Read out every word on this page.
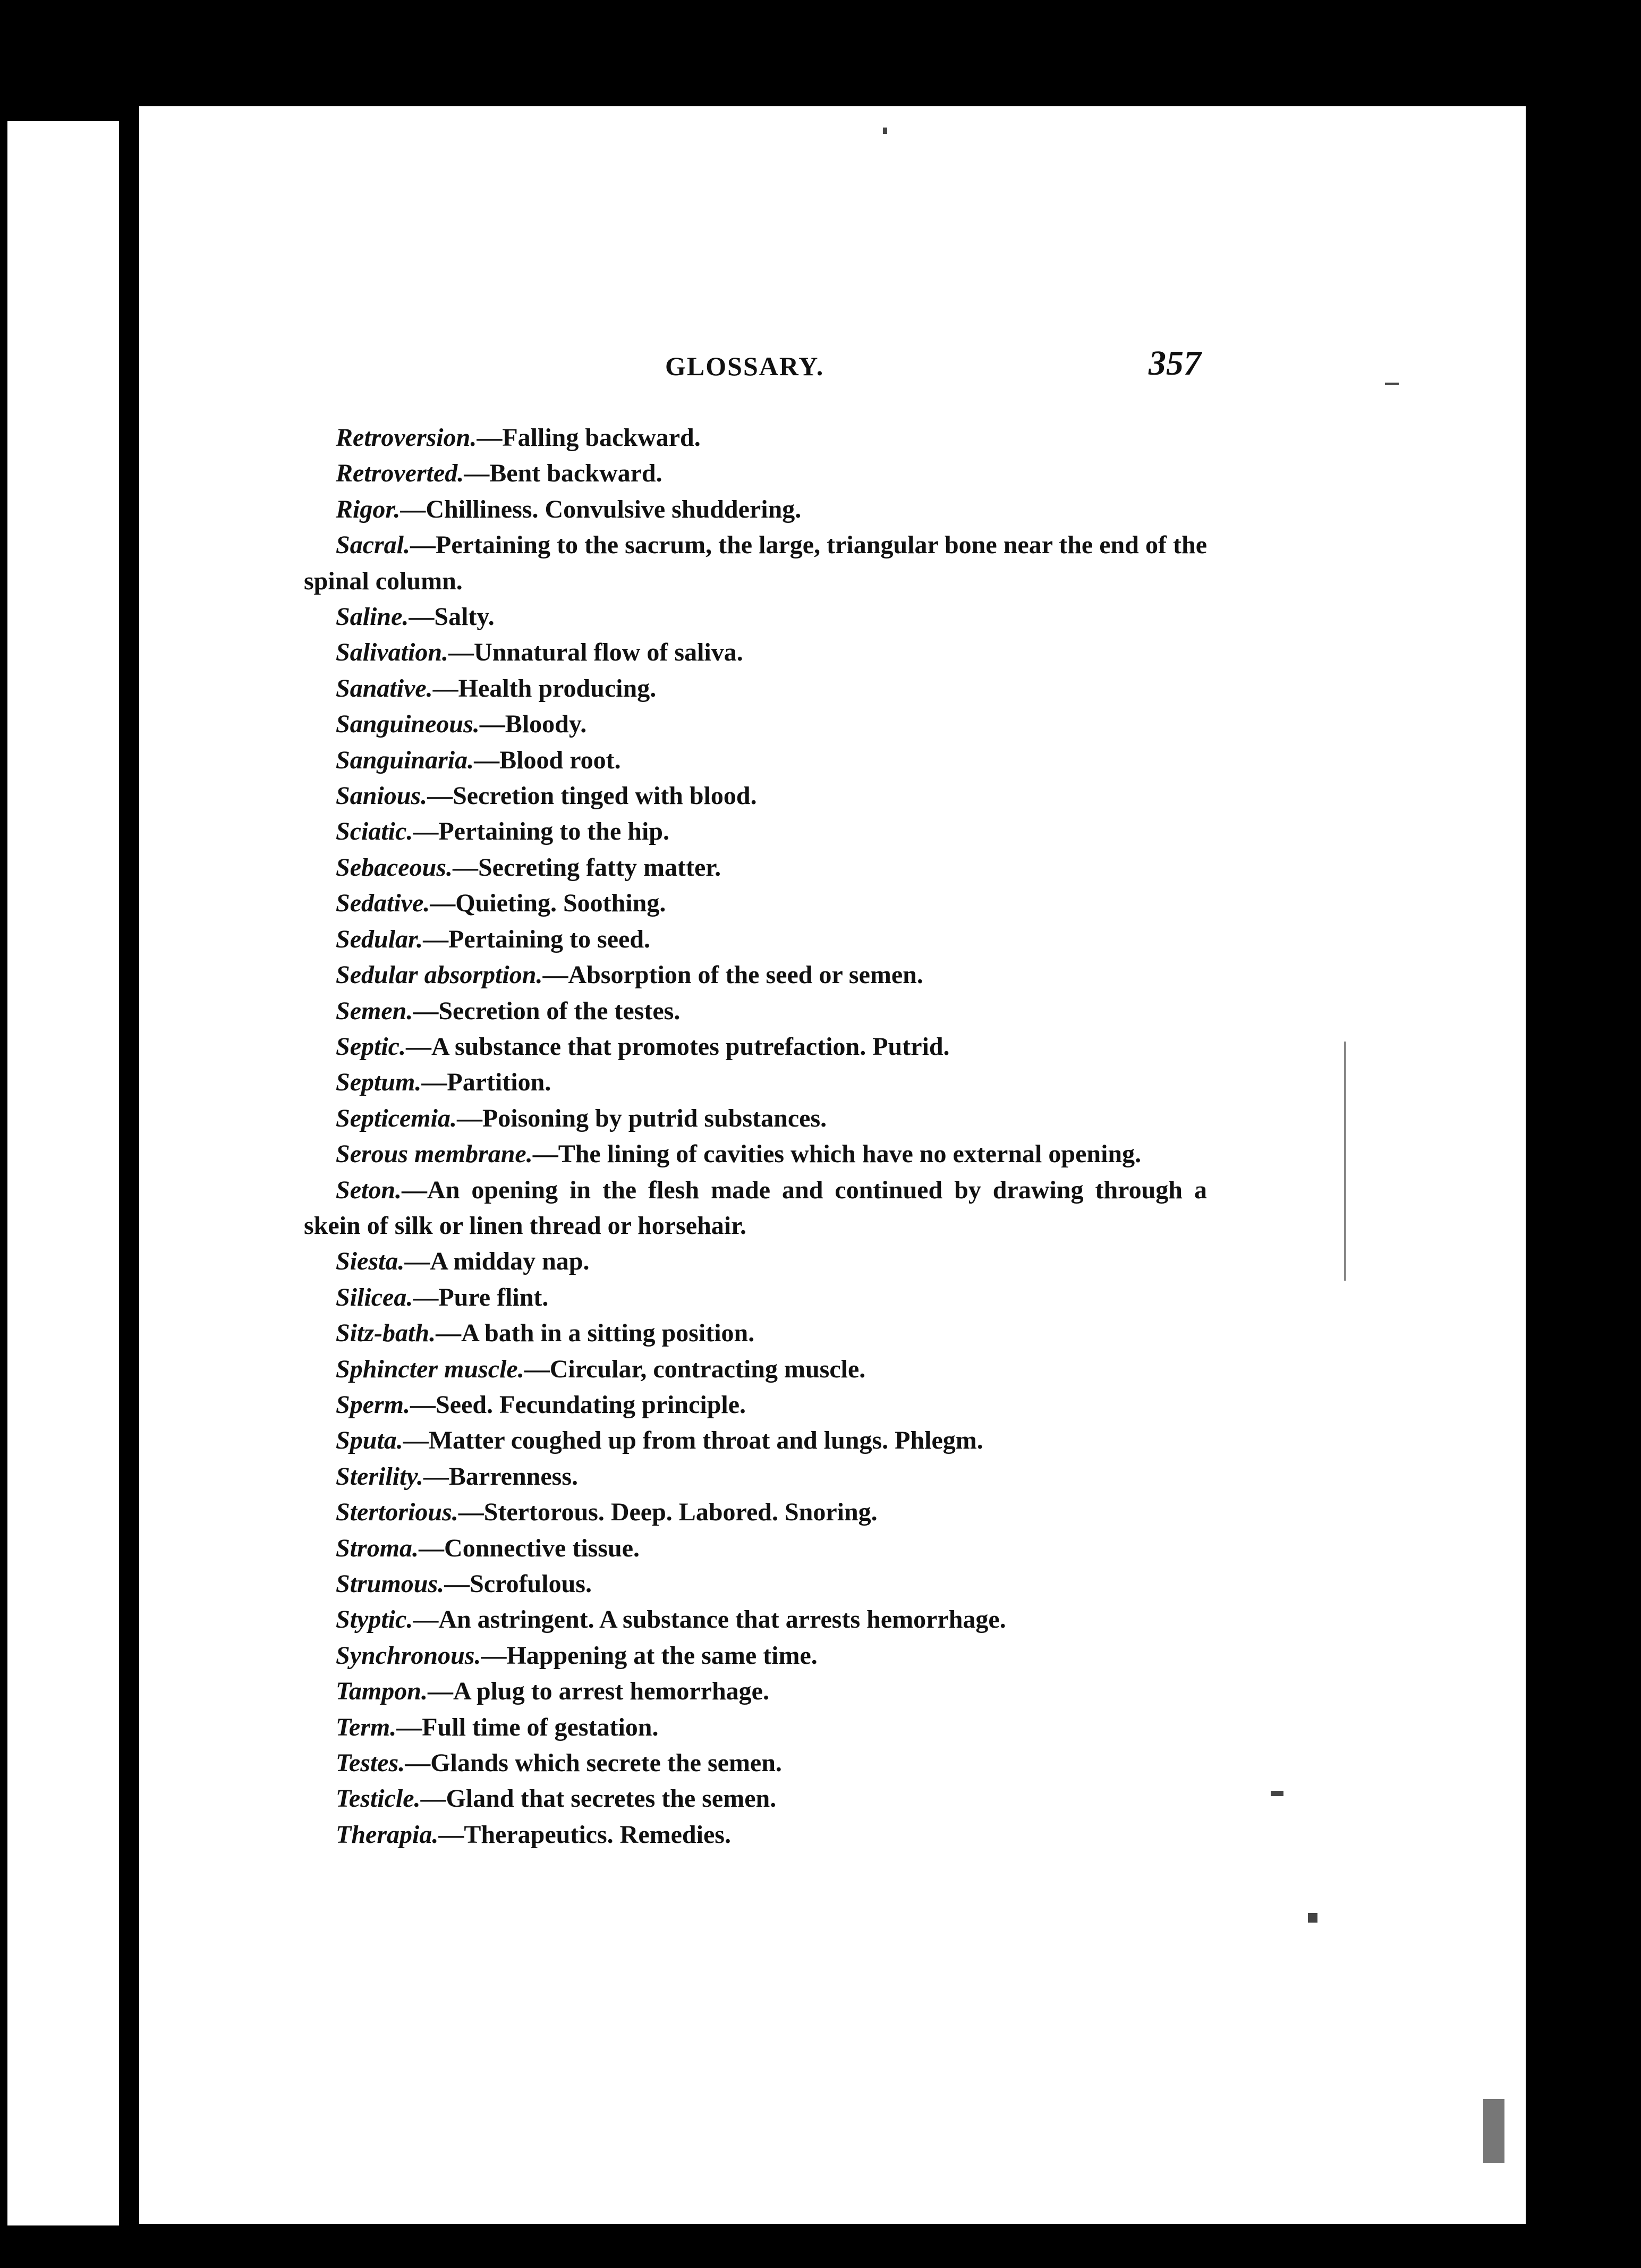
GLOSSARY.	357
Retroversion.—Falling backward.
Retroverted.—Bent backward.
Rigor.—Chilliness. Convulsive shuddering.
Sacral.—Pertaining to the sacrum, the large, triangular bone near the end of the spinal column.
Saline.—Salty.
Salivation.—Unnatural flow of saliva.
Sanative.—Health producing.
Sanguineous.—Bloody.
Sanguinaria.—Blood root.
Sanious.—Secretion tinged with blood.
Sciatic.—Pertaining to the hip.
Sebaceous.—Secreting fatty matter.
Sedative.—Quieting. Soothing.
Sedular.—Pertaining to seed.
Sedular absorption.—Absorption of the seed or semen.
Semen.—Secretion of the testes.
Septic.—A substance that promotes putrefaction. Putrid.
Septum.—Partition.
Septicemia.—Poisoning by putrid substances.
Serous membrane.—The lining of cavities which have no external opening.
Seton.—An opening in the flesh made and continued by drawing through a skein of silk or linen thread or horsehair.
Siesta.—A midday nap.
Silicea.—Pure flint.
Sitz-bath.—A bath in a sitting position.
Sphincter muscle.—Circular, contracting muscle.
Sperm.—Seed. Fecundating principle.
Sputa.—Matter coughed up from throat and lungs. Phlegm.
Sterility.—Barrenness.
Stertorious.—Stertorous. Deep. Labored. Snoring.
Stroma.—Connective tissue.
Strumous.—Scrofulous.
Styptic.—An astringent. A substance that arrests hemorrhage.
Synchronous.—Happening at the same time.
Tampon.—A plug to arrest hemorrhage.
Term.—Full time of gestation.
Testes.—Glands which secrete the semen.
Testicle.—Gland that secretes the semen.
Therapia.—Therapeutics. Remedies.
